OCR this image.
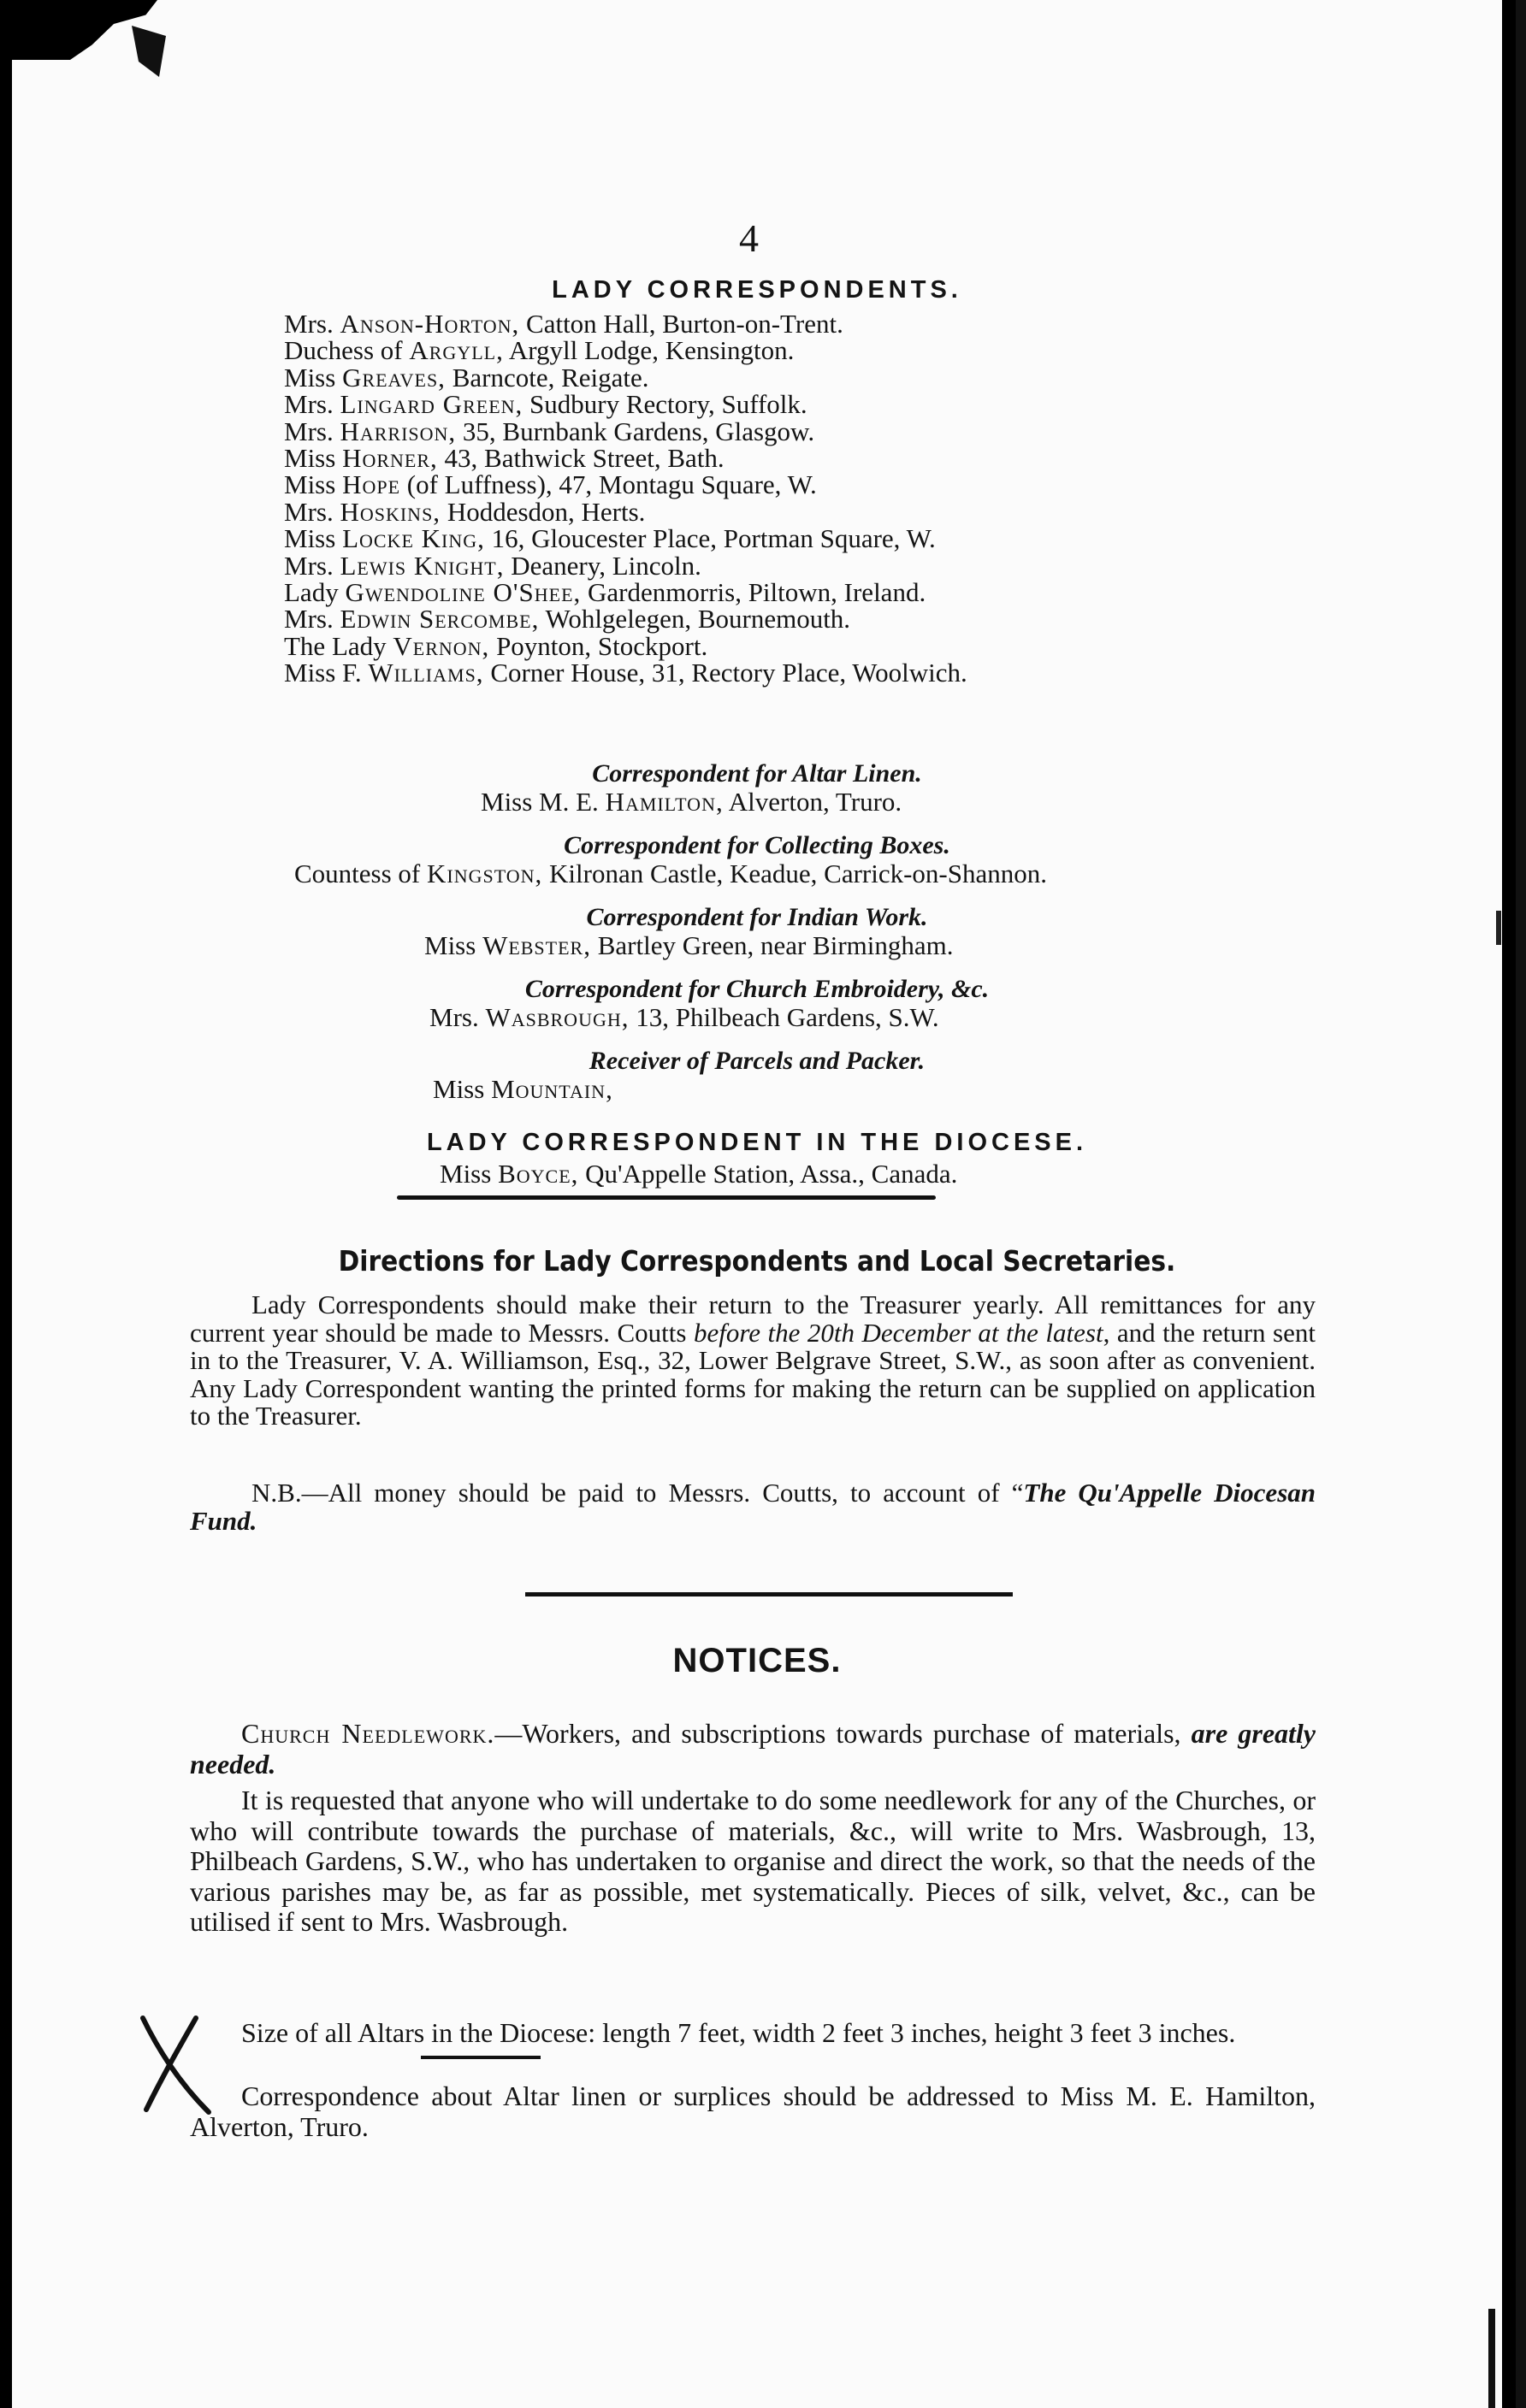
4
LADY CORRESPONDENTS.
Mrs. Anson-Horton, Catton Hall, Burton-on-Trent.
Duchess of Argyll, Argyll Lodge, Kensington.
Miss Greaves, Barncote, Reigate.
Mrs. Lingard Green, Sudbury Rectory, Suffolk.
Mrs. Harrison, 35, Burnbank Gardens, Glasgow.
Miss Horner, 43, Bathwick Street, Bath.
Miss Hope (of Luffness), 47, Montagu Square, W.
Mrs. Hoskins, Hoddesdon, Herts.
Miss Locke King, 16, Gloucester Place, Portman Square, W.
Mrs. Lewis Knight, Deanery, Lincoln.
Lady Gwendoline O'Shee, Gardenmorris, Piltown, Ireland.
Mrs. Edwin Sercombe, Wohlgelegen, Bournemouth.
The Lady Vernon, Poynton, Stockport.
Miss F. Williams, Corner House, 31, Rectory Place, Woolwich.
Correspondent for Altar Linen.
Miss M. E. Hamilton, Alverton, Truro.
Correspondent for Collecting Boxes.
Countess of Kingston, Kilronan Castle, Keadue, Carrick-on-Shannon.
Correspondent for Indian Work.
Miss Webster, Bartley Green, near Birmingham.
Correspondent for Church Embroidery, &c.
Mrs. Wasbrough, 13, Philbeach Gardens, S.W.
Receiver of Parcels and Packer.
Miss Mountain,
LADY CORRESPONDENT IN THE DIOCESE.
Miss Boyce, Qu'Appelle Station, Assa., Canada.
Directions for Lady Correspondents and Local Secretaries.
Lady Correspondents should make their return to the Treasurer yearly. All remittances for any current year should be made to Messrs. Coutts before the 20th December at the latest, and the return sent in to the Treasurer, V. A. Williamson, Esq., 32, Lower Belgrave Street, S.W., as soon after as convenient. Any Lady Correspondent wanting the printed forms for making the return can be supplied on application to the Treasurer.
N.B.—All money should be paid to Messrs. Coutts, to account of “The Qu'Appelle Diocesan Fund.
NOTICES.
Church Needlework.—Workers, and subscriptions towards purchase of materials, are greatly needed.
It is requested that anyone who will undertake to do some needlework for any of the Churches, or who will contribute towards the purchase of materials, &c., will write to Mrs. Wasbrough, 13, Philbeach Gardens, S.W., who has undertaken to organise and direct the work, so that the needs of the various parishes may be, as far as possible, met systematically. Pieces of silk, velvet, &c., can be utilised if sent to Mrs. Wasbrough.
Size of all Altars in the Diocese: length 7 feet, width 2 feet 3 inches, height 3 feet 3 inches.
Correspondence about Altar linen or surplices should be addressed to Miss M. E. Hamilton, Alverton, Truro.
